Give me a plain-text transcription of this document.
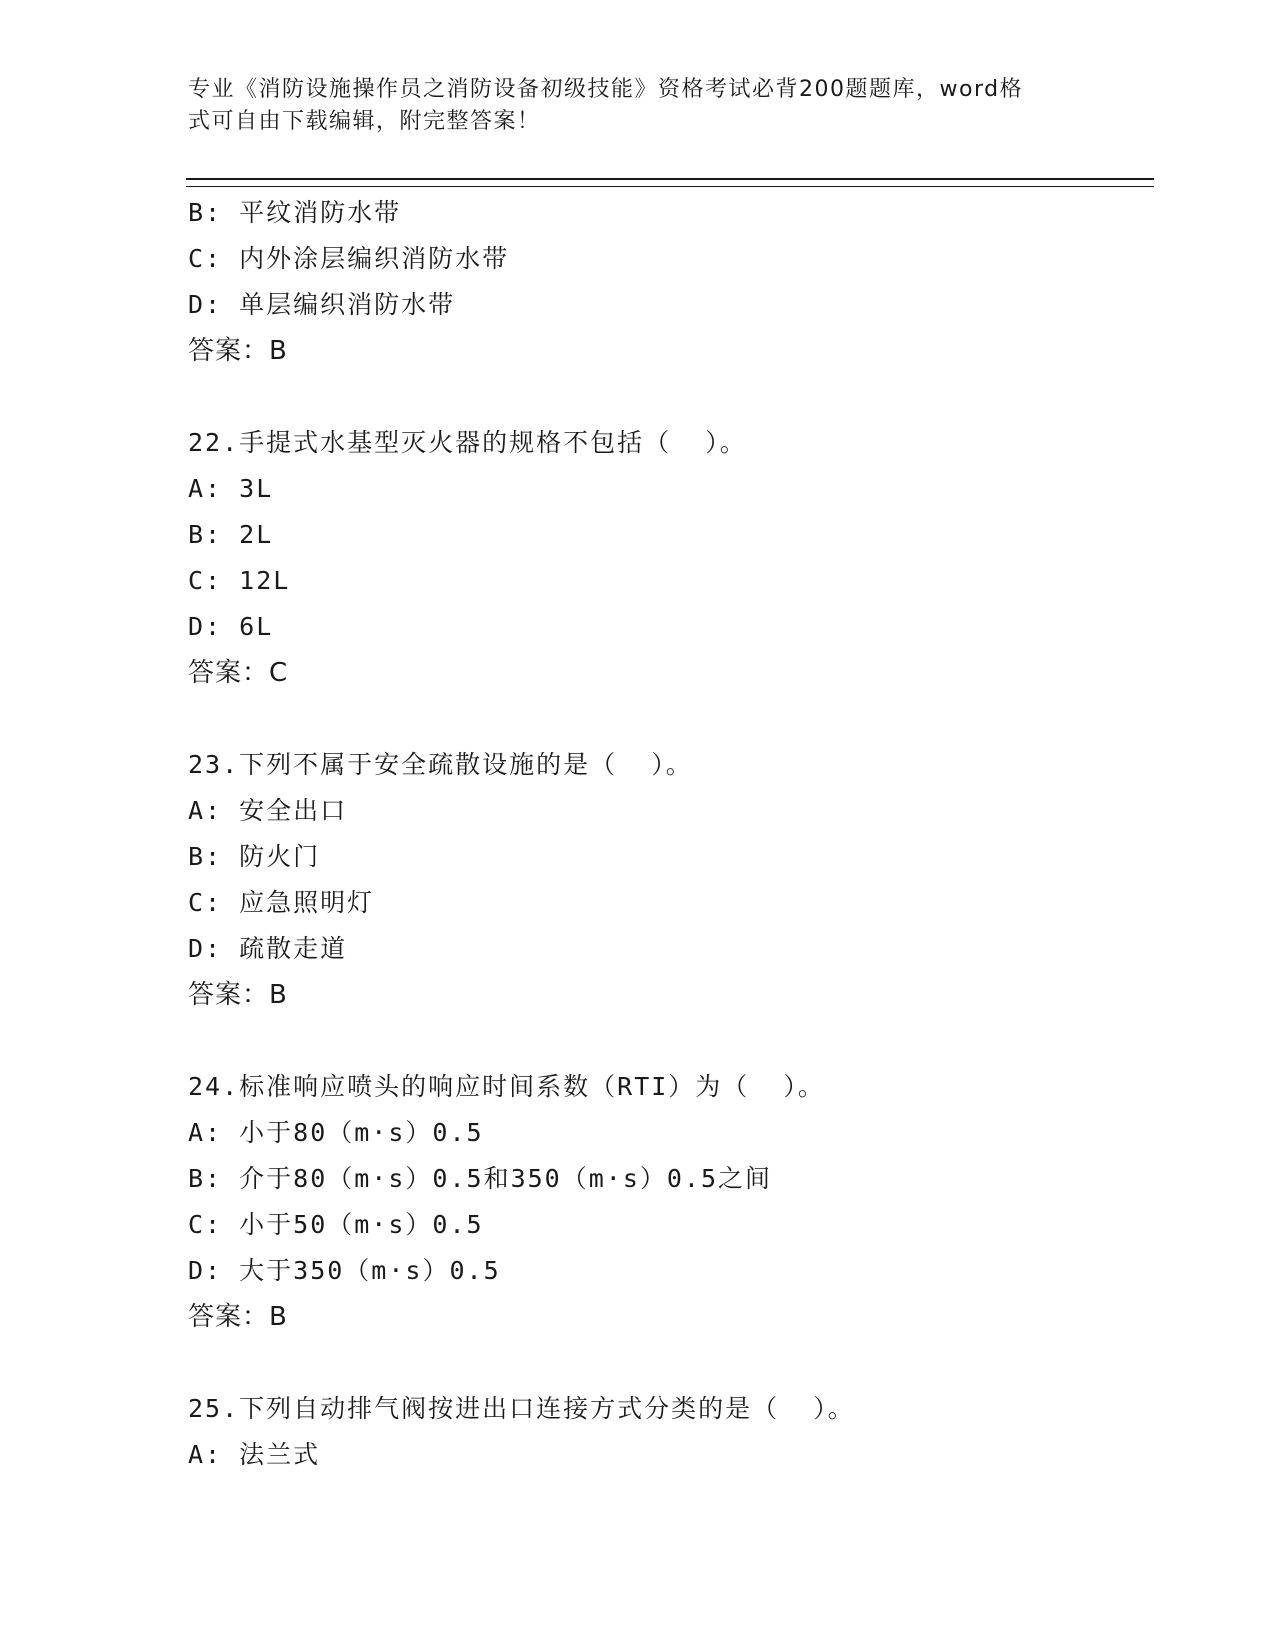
专业《消防设施操作员之消防设备初级技能》资格考试必背200题题库，word格
式可自由下载编辑，附完整答案！
B: 平纹消防水带
C: 内外涂层编织消防水带
D: 单层编织消防水带
答案：B
22.手提式水基型灭火器的规格不包括（  ）。
A: 3L
B: 2L
C: 12L
D: 6L
答案：C
23.下列不属于安全疏散设施的是（  ）。
A: 安全出口
B: 防火门
C: 应急照明灯
D: 疏散走道
答案：B
24.标准响应喷头的响应时间系数（RTI）为（  ）。
A: 小于80（m·s）0.5
B: 介于80（m·s）0.5和350（m·s）0.5之间
C: 小于50（m·s）0.5
D: 大于350（m·s）0.5
答案：B
25.下列自动排气阀按进出口连接方式分类的是（  ）。
A: 法兰式
